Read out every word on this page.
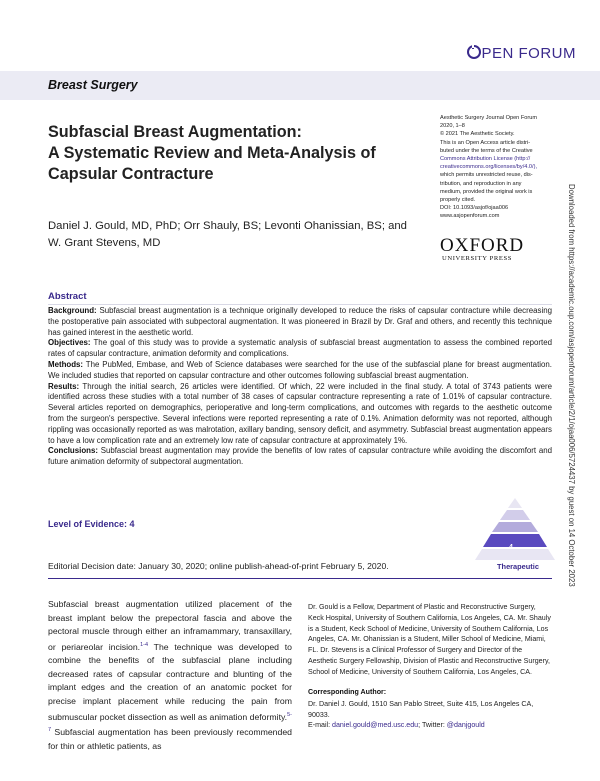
PEN FORUM
Breast Surgery
Subfascial Breast Augmentation:
A Systematic Review and Meta-Analysis of
Capsular Contracture
Daniel J. Gould, MD, PhD; Orr Shauly, BS; Levonti Ohanissian, BS; and
W. Grant Stevens, MD
Aesthetic Surgery Journal Open Forum
2020, 1–8
© 2021 The Aesthetic Society.
This is an Open Access article distri-
buted under the terms of the Creative
Commons Attribution License (http://
creativecommons.org/licenses/by/4.0/),
which permits unrestricted reuse, dis-
tribution, and reproduction in any
medium, provided the original work is
properly cited.
DOI: 10.1093/asjof/ojaa006
www.asjopenforum.com
OXFORD
UNIVERSITY PRESS	Downloaded from https://academic.oup.com/asjopenforum/article/2/1/ojaa006/5724437 by guest on 14 October 2023
Abstract

Background: Subfascial breast augmentation is a technique originally developed to reduce the risks of capsular contracture while decreasing the postoperative pain associated with subpectoral augmentation. It was pioneered in Brazil by Dr. Graf and others, and recently this technique has gained interest in the aesthetic world.

Objectives: The goal of this study was to provide a systematic analysis of subfascial breast augmentation to assess the combined reported rates of capsular contracture, animation deformity and complications.

Methods: The PubMed, Embase, and Web of Science databases were searched for the use of the subfascial plane for breast augmentation. We included studies that reported on capsular contracture and other outcomes following subfascial breast augmentation.

Results: Through the initial search, 26 articles were identified. Of which, 22 were included in the final study. A total of 3743 patients were identified across these studies with a total number of 38 cases of capsular contracture representing a rate of 1.01% of capsular contracture. Several articles reported on demographics, perioperative and long-term complications, and outcomes with regards to the aesthetic outcome from the surgeon's perspective. Several infections were reported representing a rate of 0.1%. Animation deformity was not reported, although rippling was occasionally reported as was malrotation, axillary banding, sensory deficit, and asymmetry. Subfascial breast augmentation appears to have a low complication rate and an extremely low rate of capsular contracture at approximately 1%.

Conclusions: Subfascial breast augmentation may provide the benefits of low rates of capsular contracture while avoiding the discomfort and future animation deformity of subpectoral augmentation.

Level of Evidence: 4
4
Therapeutic
Editorial Decision date: January 30, 2020; online publish-ahead-of-print February 5, 2020.
Subfascial breast augmentation utilized placement of the breast implant below the prepectoral fascia and above the pectoral muscle through either an inframammary, transaxillary, or periareolar incision.$^{1-4}$ The technique was developed to combine the benefits of the subfascial plane including decreased rates of capsular contracture and blunting of the implant edges and the creation of an anatomic pocket for precise implant placement while reducing the pain from submuscular pocket dissection as well as animation deformity.$^{5-7}$ Subfascial augmentation has been previously recommended for thin or athletic patients, as
Dr. Gould is a Fellow, Department of Plastic and Reconstructive Surgery, Keck Hospital, University of Southern California, Los Angeles, CA. Mr. Shauly is a Student, Keck School of Medicine, University of Southern California, Los Angeles, CA. Mr. Ohanissian is a Student, Miller School of Medicine, Miami, FL. Dr. Stevens is a Clinical Professor of Surgery and Director of the Aesthetic Surgery Fellowship, Division of Plastic and Reconstructive Surgery, School of Medicine, University of Southern California, Los Angeles, CA.
Corresponding Author:
Dr. Daniel J. Gould, 1510 San Pablo Street, Suite 415, Los Angeles CA, 90033.
E-mail: daniel.gould@med.usc.edu; Twitter: @danjgould
